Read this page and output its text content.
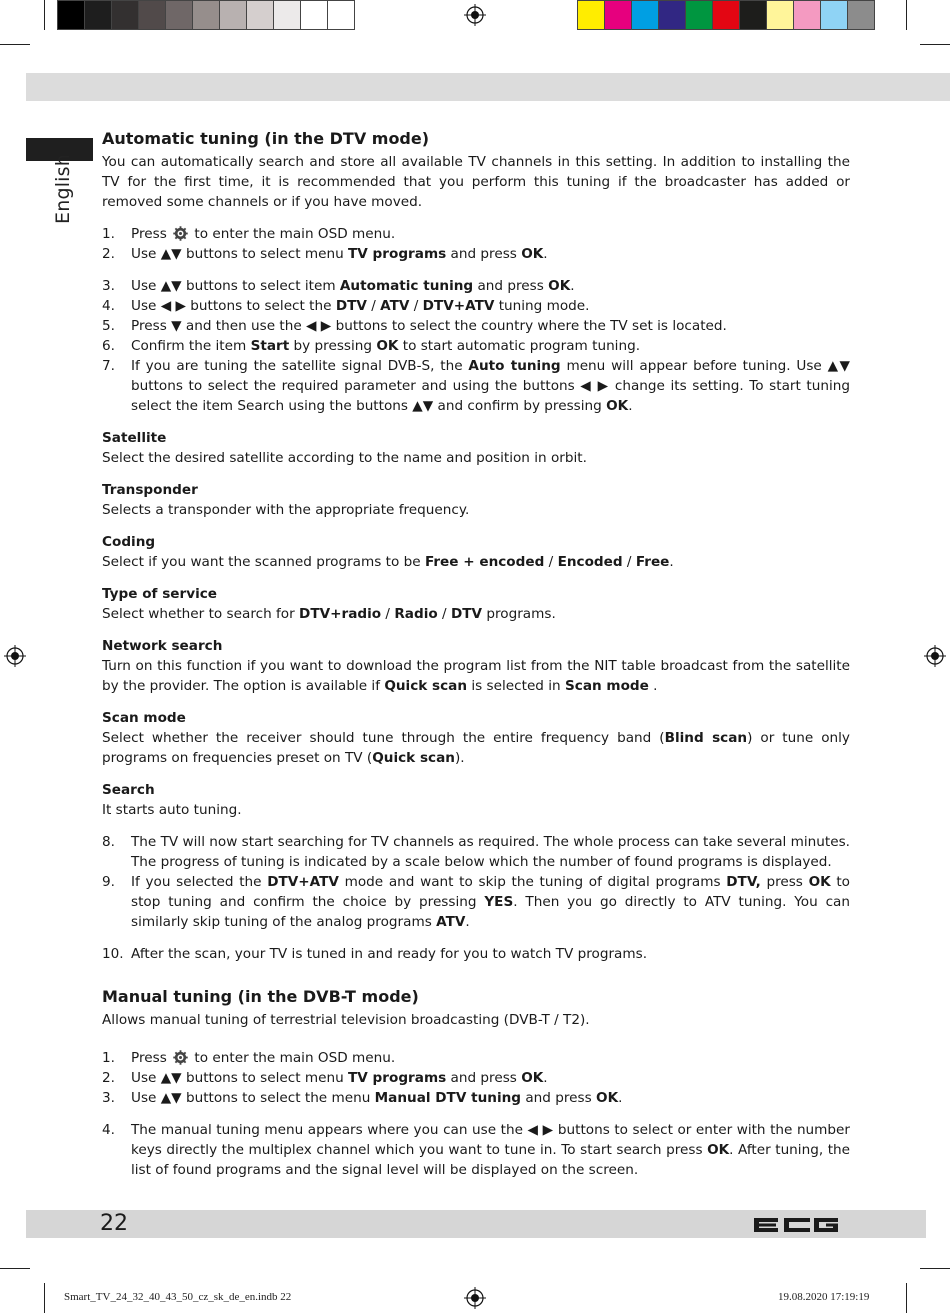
English
Automatic tuning (in the DTV mode)

You can automatically search and store all available TV channels in this setting. In addition to installing the TV for the first time, it is recommended that you perform this tuning if the broadcaster has added or removed some channels or if you have moved.

1. Press  to enter the main OSD menu.
2. Use ▲▼ buttons to select menu TV programs and press OK.
3. Use ▲▼ buttons to select item Automatic tuning and press OK.
4. Use ◀ ▶ buttons to select the DTV / ATV / DTV+ATV tuning mode.
5. Press ▼ and then use the ◀ ▶ buttons to select the country where the TV set is located.
6. Confirm the item Start by pressing OK to start automatic program tuning.
7. If you are tuning the satellite signal DVB-S, the Auto tuning menu will appear before tuning. Use ▲▼ buttons to select the required parameter and using the buttons ◀ ▶ change its setting. To start tuning select the item Search using the buttons ▲▼ and confirm by pressing OK.
Satellite

Select the desired satellite according to the name and position in orbit.

Transponder

Selects a transponder with the appropriate frequency.

Coding

Select if you want the scanned programs to be Free + encoded / Encoded / Free.

Type of service

Select whether to search for DTV+radio / Radio / DTV programs.

Network search

Turn on this function if you want to download the program list from the NIT table broadcast from the satellite by the provider. The option is available if Quick scan is selected in Scan mode .

Scan mode

Select whether the receiver should tune through the entire frequency band (Blind scan) or tune only programs on frequencies preset on TV (Quick scan).

Search

It starts auto tuning.

8. The TV will now start searching for TV channels as required. The whole process can take several minutes. The progress of tuning is indicated by a scale below which the number of found programs is displayed.
9. If you selected the DTV+ATV mode and want to skip the tuning of digital programs DTV, press OK to stop tuning and confirm the choice by pressing YES. Then you go directly to ATV tuning. You can similarly skip tuning of the analog programs ATV.
10. After the scan, your TV is tuned in and ready for you to watch TV programs.
Manual tuning (in the DVB-T mode)

Allows manual tuning of terrestrial television broadcasting (DVB-T / T2).

1. Press  to enter the main OSD menu.
2. Use ▲▼ buttons to select menu TV programs and press OK.
3. Use ▲▼ buttons to select the menu Manual DTV tuning and press OK.
4. The manual tuning menu appears where you can use the ◀ ▶ buttons to select or enter with the number keys directly the multiplex channel which you want to tune in. To start search press OK. After tuning, the list of found programs and the signal level will be displayed on the screen.
22
Smart_TV_24_32_40_43_50_cz_sk_de_en.indb 22	19.08.2020 17:19:19
